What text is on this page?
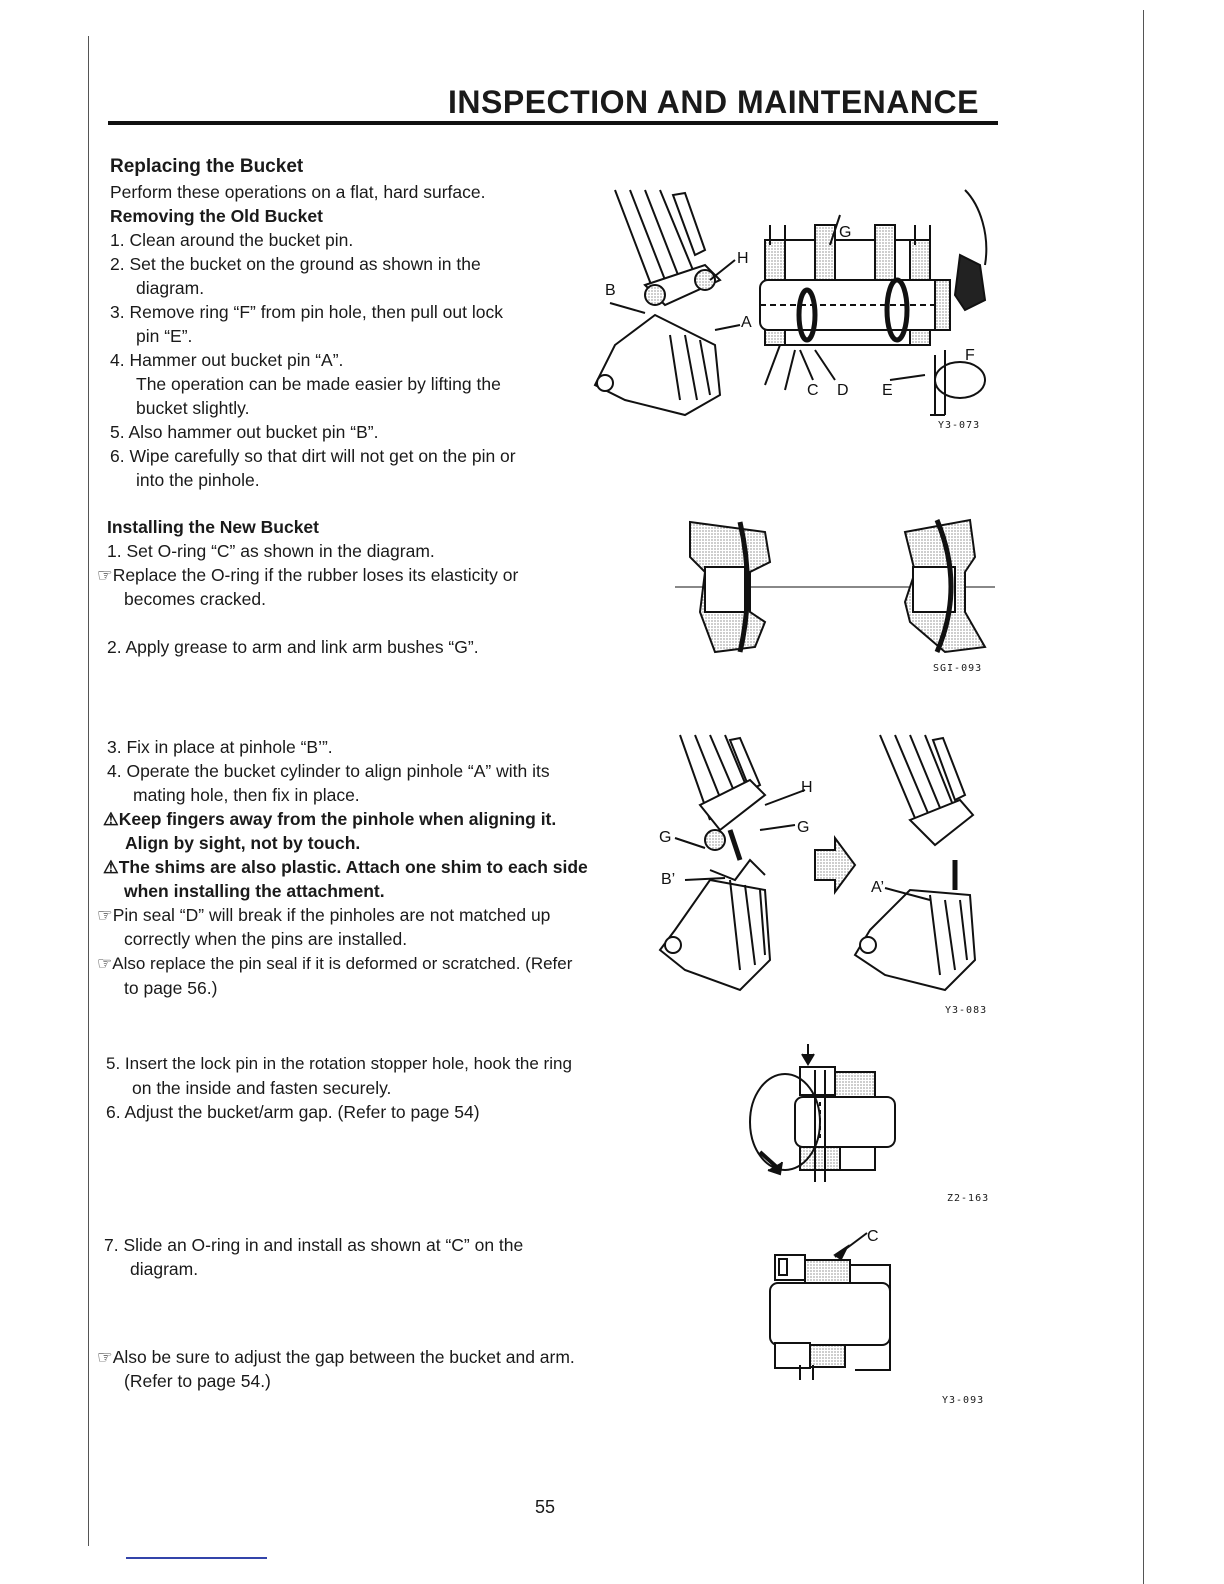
INSPECTION AND MAINTENANCE
Replacing the Bucket
Perform these operations on a flat, hard surface.
Removing the Old Bucket
1. Clean around the bucket pin.
2. Set the bucket on the ground as shown in the
diagram.
3. Remove ring “F” from pin hole, then pull out lock
pin “E”.
4. Hammer out bucket pin “A”.
The operation can be made easier by lifting the
bucket slightly.
5. Also hammer out bucket pin “B”.
6. Wipe carefully so that dirt will not get on the pin or
into the pinhole.
Installing the New Bucket
1. Set O-ring “C” as shown in the diagram.
☞Replace the O-ring if the rubber loses its elasticity or
becomes cracked.
2. Apply grease to arm and link arm bushes “G”.
3. Fix in place at pinhole “B’”.
4. Operate the bucket cylinder to align pinhole “A” with its
mating hole, then fix in place.
⚠Keep fingers away from the pinhole when aligning it.
Align by sight, not by touch.
⚠The shims are also plastic. Attach one shim to each side
when installing the attachment.
☞Pin seal “D” will break if the pinholes are not matched up
correctly when the pins are installed.
☞Also replace the pin seal if it is deformed or scratched. (Refer
to page 56.)
5. Insert the lock pin in the rotation stopper hole, hook the ring
on the inside and fasten securely.
6. Adjust the bucket/arm gap. (Refer to page 54)
7. Slide an O-ring in and install as shown at “C” on the
diagram.
☞Also be sure to adjust the gap between the bucket and arm.
(Refer to page 54.)
B
H
G
A
C D E
F
Y3-073
SGI-093
H
G
G
B’	A’
Y3-083
Z2-163
C
Y3-093
55
